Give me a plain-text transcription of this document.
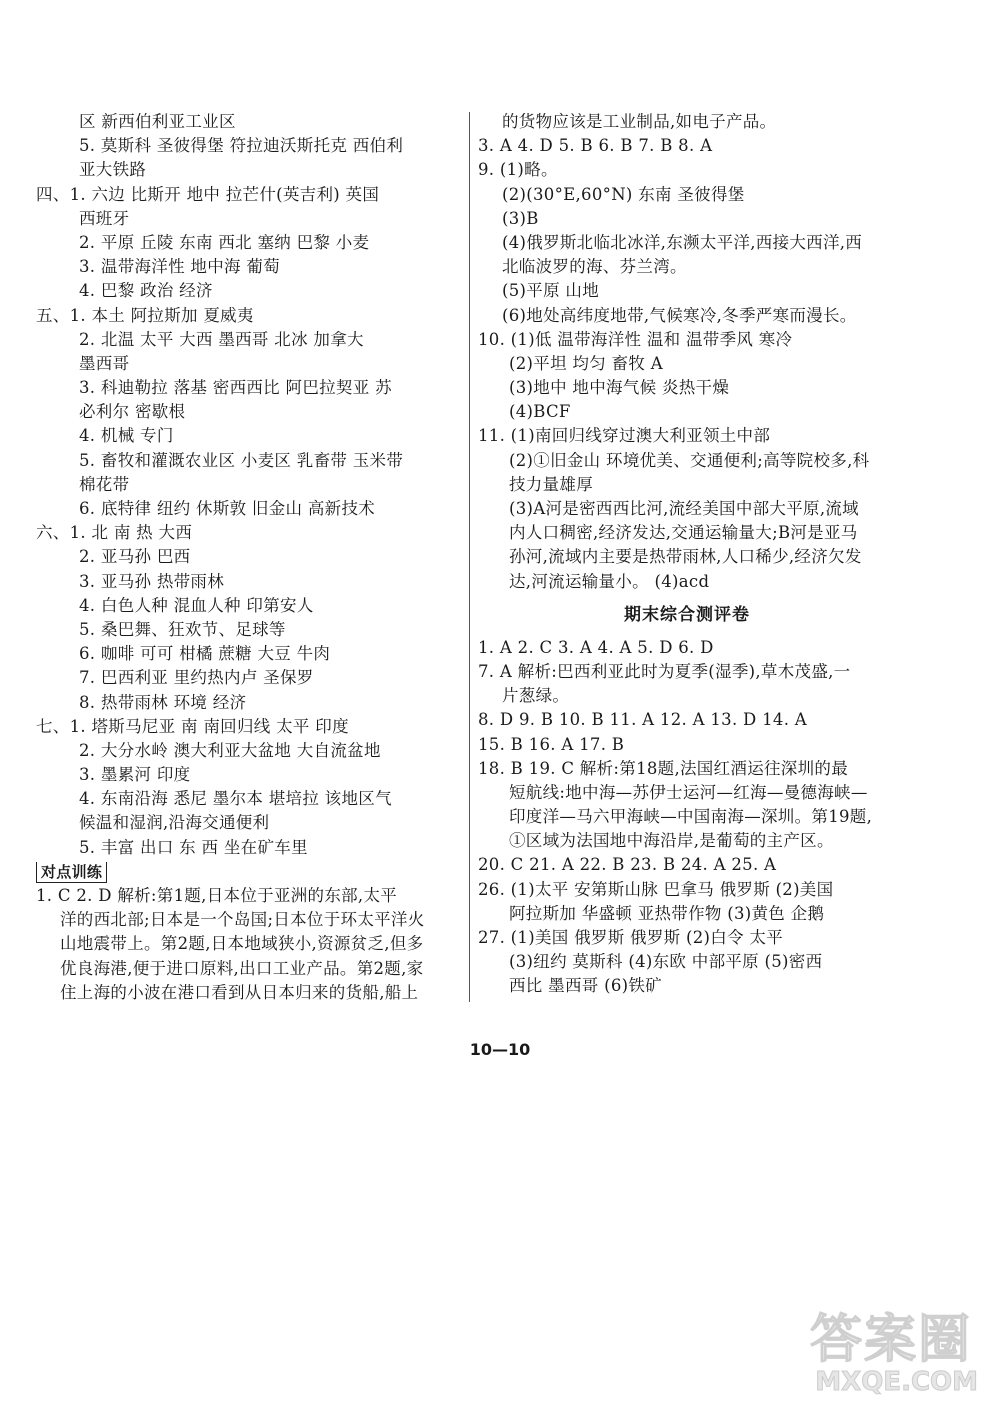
区 新西伯利亚工业区
5. 莫斯科 圣彼得堡 符拉迪沃斯托克 西伯利
亚大铁路
四、1. 六边 比斯开 地中 拉芒什(英吉利) 英国
西班牙
2. 平原 丘陵 东南 西北 塞纳 巴黎 小麦
3. 温带海洋性 地中海 葡萄
4. 巴黎 政治 经济
五、1. 本土 阿拉斯加 夏威夷
2. 北温 太平 大西 墨西哥 北冰 加拿大
墨西哥
3. 科迪勒拉 落基 密西西比 阿巴拉契亚 苏
必利尔 密歇根
4. 机械 专门
5. 畜牧和灌溉农业区 小麦区 乳畜带 玉米带
棉花带
6. 底特律 纽约 休斯敦 旧金山 高新技术
六、1. 北 南 热 大西
2. 亚马孙 巴西
3. 亚马孙 热带雨林
4. 白色人种 混血人种 印第安人
5. 桑巴舞、狂欢节、足球等
6. 咖啡 可可 柑橘 蔗糖 大豆 牛肉
7. 巴西利亚 里约热内卢 圣保罗
8. 热带雨林 环境 经济
七、1. 塔斯马尼亚 南 南回归线 太平 印度
2. 大分水岭 澳大利亚大盆地 大自流盆地
3. 墨累河 印度
4. 东南沿海 悉尼 墨尔本 堪培拉 该地区气
候温和湿润,沿海交通便利
5. 丰富 出口 东 西 坐在矿车里
对点训练
1. C 2. D 解析:第1题,日本位于亚洲的东部,太平
洋的西北部;日本是一个岛国;日本位于环太平洋火
山地震带上。第2题,日本地域狭小,资源贫乏,但多
优良海港,便于进口原料,出口工业产品。第2题,家
住上海的小波在港口看到从日本归来的货船,船上
的货物应该是工业制品,如电子产品。
3. A 4. D 5. B 6. B 7. B 8. A
9. (1)略。
(2)(30°E,60°N) 东南 圣彼得堡
(3)B
(4)俄罗斯北临北冰洋,东濒太平洋,西接大西洋,西
北临波罗的海、芬兰湾。
(5)平原 山地
(6)地处高纬度地带,气候寒冷,冬季严寒而漫长。
10. (1)低 温带海洋性 温和 温带季风 寒冷
(2)平坦 均匀 畜牧 A
(3)地中 地中海气候 炎热干燥
(4)BCF
11. (1)南回归线穿过澳大利亚领土中部
(2)①旧金山 环境优美、交通便利;高等院校多,科
技力量雄厚
(3)A河是密西西比河,流经美国中部大平原,流域
内人口稠密,经济发达,交通运输量大;B河是亚马
孙河,流域内主要是热带雨林,人口稀少,经济欠发
达,河流运输量小。 (4)acd
期末综合测评卷
1. A 2. C 3. A 4. A 5. D 6. D
7. A 解析:巴西利亚此时为夏季(湿季),草木茂盛,一
片葱绿。
8. D 9. B 10. B 11. A 12. A 13. D 14. A
15. B 16. A 17. B
18. B 19. C 解析:第18题,法国红酒运往深圳的最
短航线:地中海—苏伊士运河—红海—曼德海峡—
印度洋—马六甲海峡—中国南海—深圳。第19题,
①区域为法国地中海沿岸,是葡萄的主产区。
20. C 21. A 22. B 23. B 24. A 25. A
26. (1)太平 安第斯山脉 巴拿马 俄罗斯 (2)美国
阿拉斯加 华盛顿 亚热带作物 (3)黄色 企鹅
27. (1)美国 俄罗斯 俄罗斯 (2)白令 太平
(3)纽约 莫斯科 (4)东欧 中部平原 (5)密西
西比 墨西哥 (6)铁矿
10—10
答案圈
MXQE.COM
